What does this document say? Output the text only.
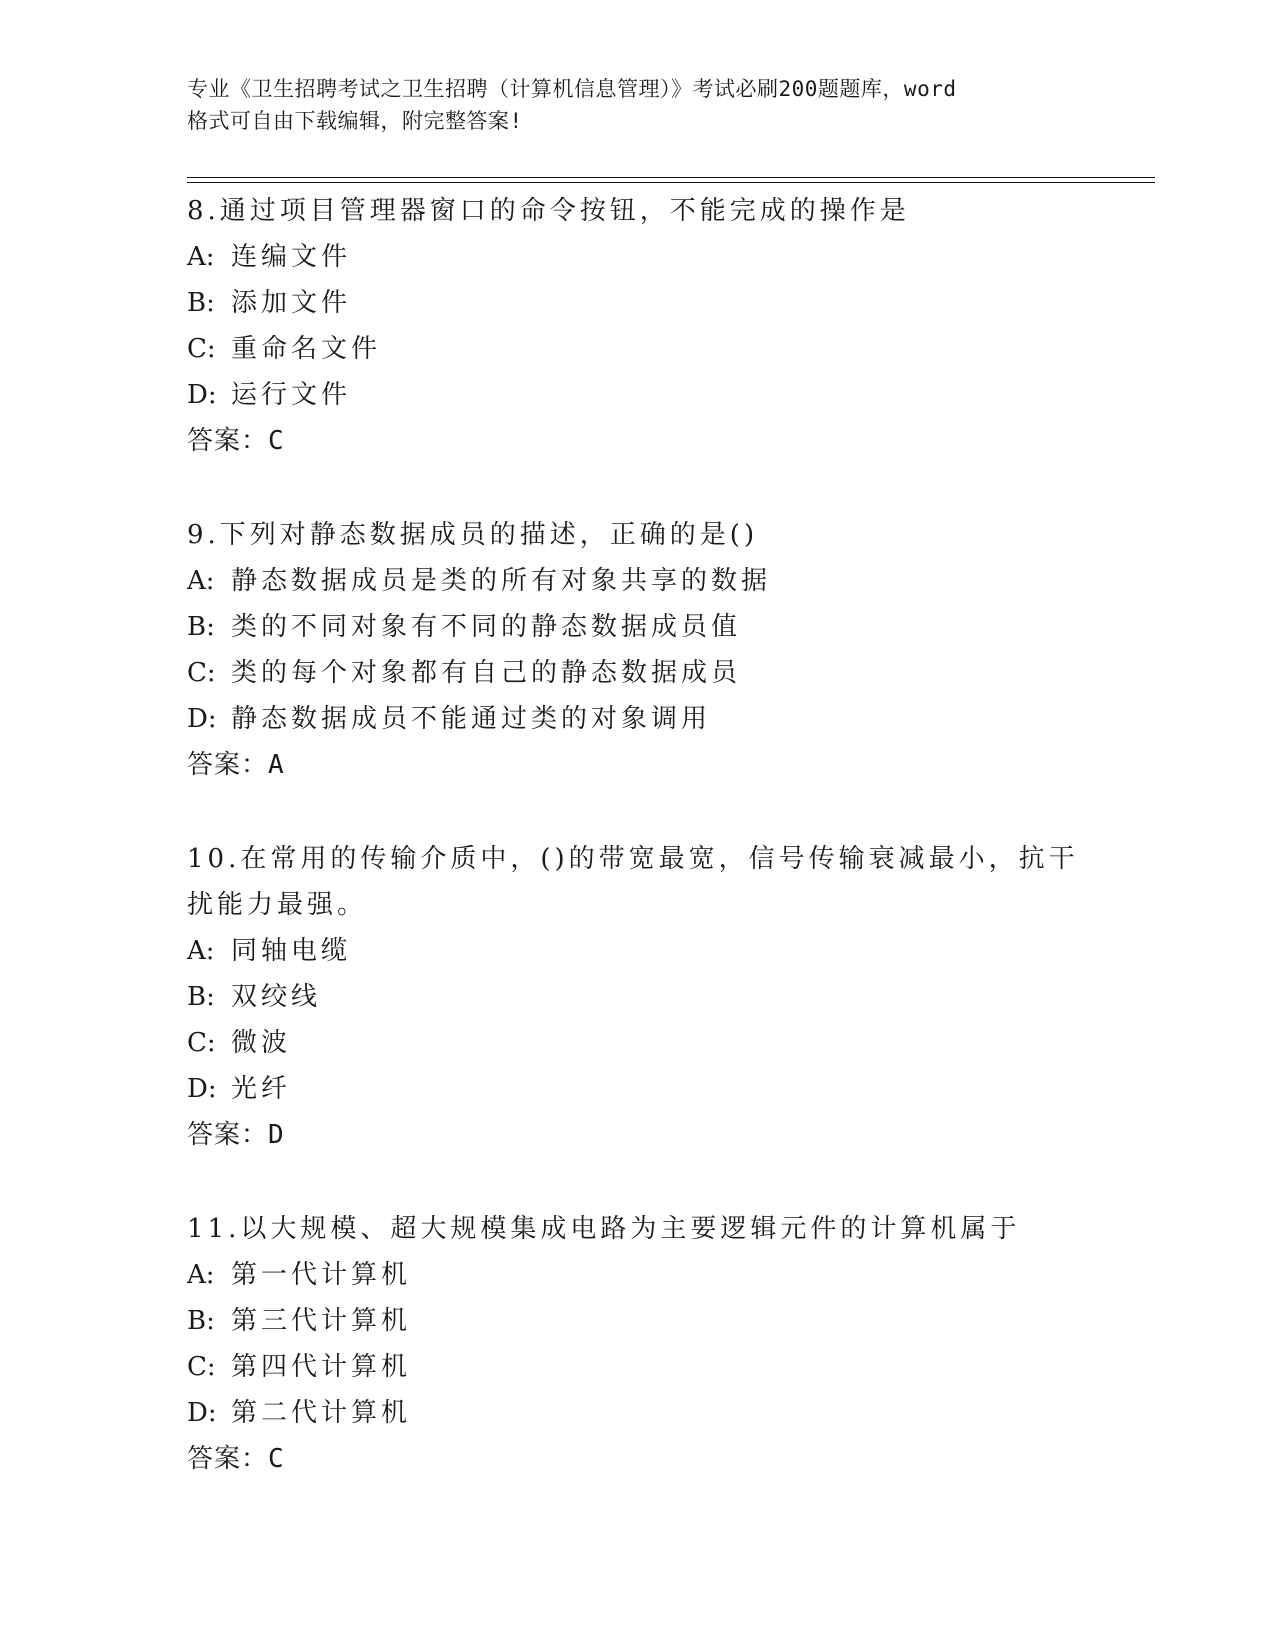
专业《卫生招聘考试之卫生招聘（计算机信息管理）》考试必刷200题题库，word
格式可自由下载编辑，附完整答案!
8.通过项目管理器窗口的命令按钮，不能完成的操作是
A: 连编文件
B: 添加文件
C: 重命名文件
D: 运行文件
答案：C
9.下列对静态数据成员的描述，正确的是()
A: 静态数据成员是类的所有对象共享的数据
B: 类的不同对象有不同的静态数据成员值
C: 类的每个对象都有自己的静态数据成员
D: 静态数据成员不能通过类的对象调用
答案：A
10.在常用的传输介质中，()的带宽最宽，信号传输衰减最小，抗干扰能力最强。
A: 同轴电缆
B: 双绞线
C: 微波
D: 光纤
答案：D
11.以大规模、超大规模集成电路为主要逻辑元件的计算机属于
A: 第一代计算机
B: 第三代计算机
C: 第四代计算机
D: 第二代计算机
答案：C
